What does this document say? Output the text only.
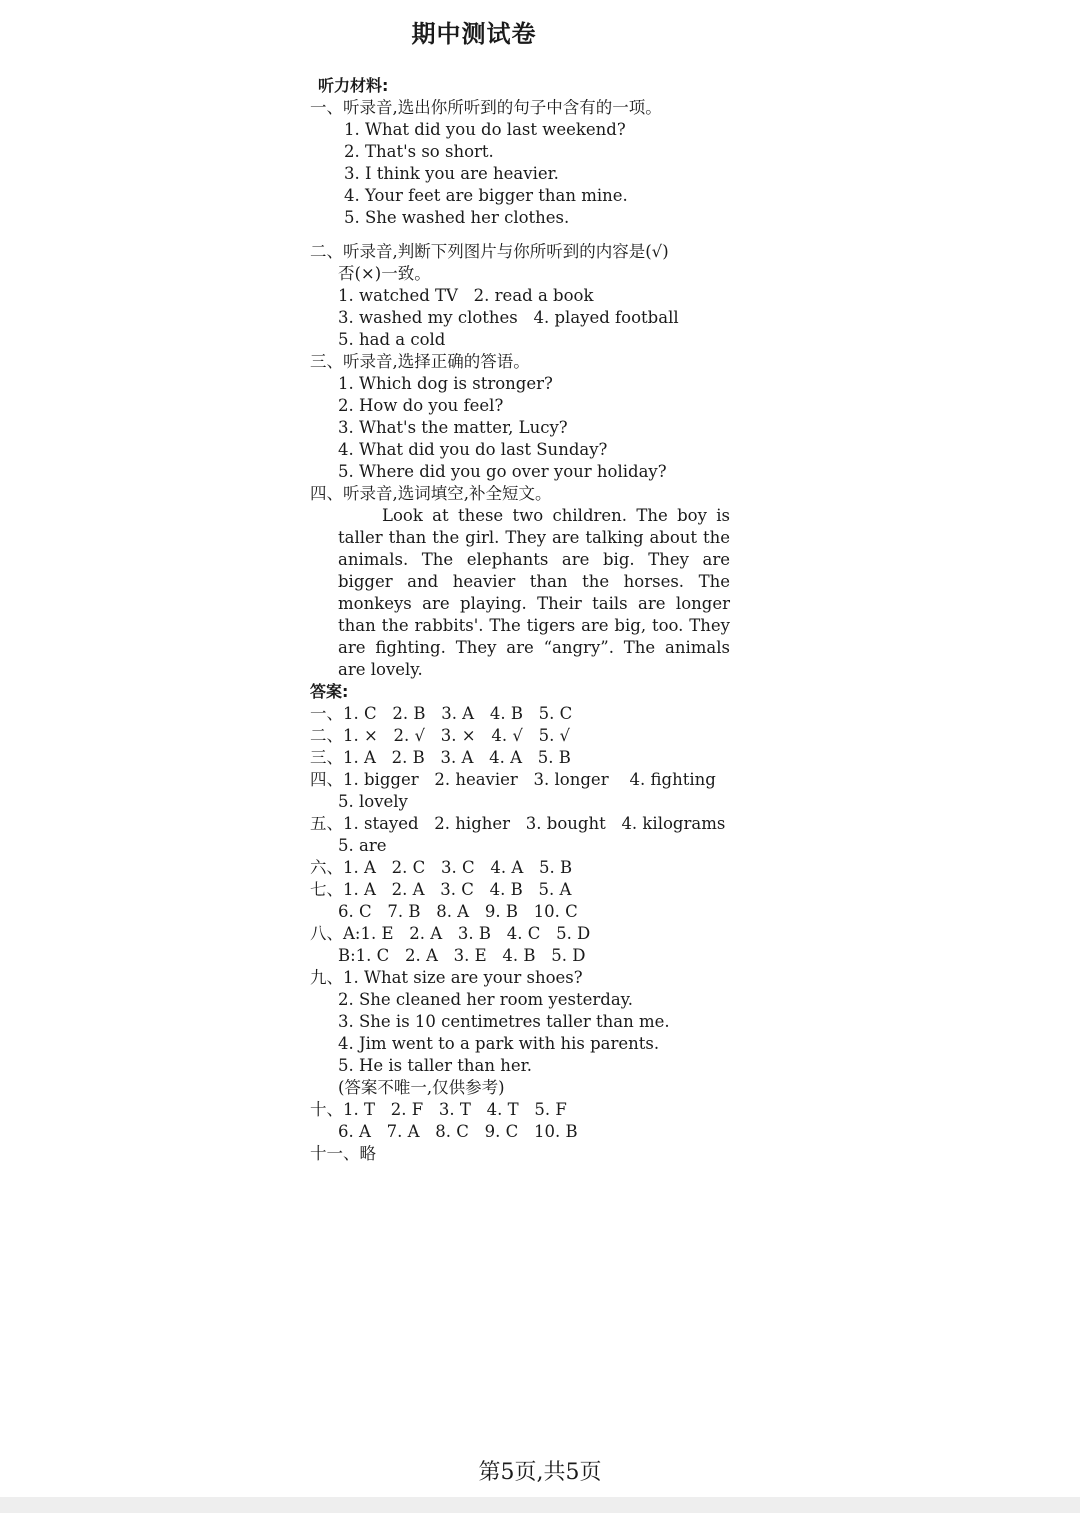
期中测试卷
听力材料:
一、听录音,选出你所听到的句子中含有的一项。
1. What did you do last weekend?
2. That's so short.
3. I think you are heavier.
4. Your feet are bigger than mine.
5. She washed her clothes.
二、听录音,判断下列图片与你所听到的内容是(√)
否(×)一致。
1. watched TV   2. read a book
3. washed my clothes   4. played football
5. had a cold
三、听录音,选择正确的答语。
1. Which dog is stronger?
2. How do you feel?
3. What's the matter, Lucy?
4. What did you do last Sunday?
5. Where did you go over your holiday?
四、听录音,选词填空,补全短文。
Look at these two children. The boy is taller than the girl. They are talking about the animals. The elephants are big. They are bigger and heavier than the horses. The monkeys are playing. Their tails are longer than the rabbits'. The tigers are big, too. They are fighting. They are “angry”. The animals are lovely.
答案:
一、1. C   2. B   3. A   4. B   5. C
二、1. ×   2. √   3. ×   4. √   5. √
三、1. A   2. B   3. A   4. A   5. B
四、1. bigger   2. heavier   3. longer    4. fighting
5. lovely
五、1. stayed   2. higher   3. bought   4. kilograms
5. are
六、1. A   2. C   3. C   4. A   5. B
七、1. A   2. A   3. C   4. B   5. A
6. C   7. B   8. A   9. B   10. C
八、A:1. E   2. A   3. B   4. C   5. D
B:1. C   2. A   3. E   4. B   5. D
九、1. What size are your shoes?
2. She cleaned her room yesterday.
3. She is 10 centimetres taller than me.
4. Jim went to a park with his parents.
5. He is taller than her.
(答案不唯一,仅供参考)
十、1. T   2. F   3. T   4. T   5. F
6. A   7. A   8. C   9. C   10. B
十一、略
第5页,共5页
